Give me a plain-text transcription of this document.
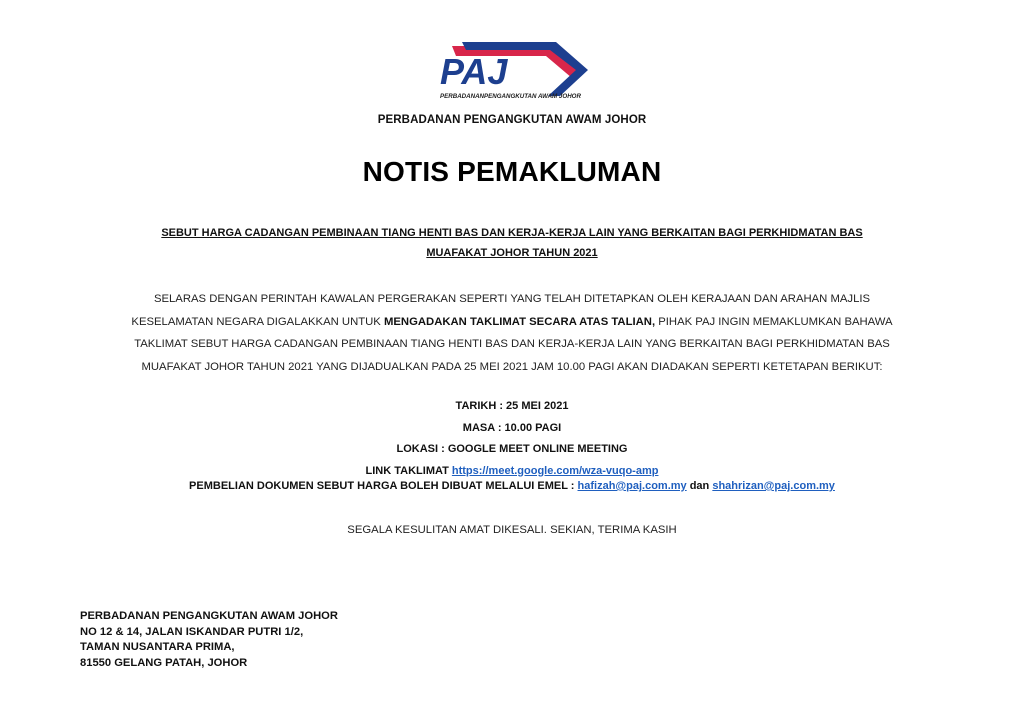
PAJ
PERBADANANPENGANGKUTAN AWAM JOHOR
PERBADANAN PENGANGKUTAN AWAM JOHOR
NOTIS PEMAKLUMAN
SEBUT HARGA CADANGAN PEMBINAAN TIANG HENTI BAS DAN KERJA-KERJA LAIN YANG BERKAITAN BAGI PERKHIDMATAN BAS
MUAFAKAT JOHOR TAHUN 2021
SELARAS DENGAN PERINTAH KAWALAN PERGERAKAN SEPERTI YANG TELAH DITETAPKAN OLEH KERAJAAN DAN ARAHAN MAJLIS
KESELAMATAN NEGARA DIGALAKKAN UNTUK MENGADAKAN TAKLIMAT SECARA ATAS TALIAN, PIHAK PAJ INGIN MEMAKLUMKAN BAHAWA
TAKLIMAT SEBUT HARGA CADANGAN PEMBINAAN TIANG HENTI BAS DAN KERJA-KERJA LAIN YANG BERKAITAN BAGI PERKHIDMATAN BAS
MUAFAKAT JOHOR TAHUN 2021 YANG DIJADUALKAN PADA 25 MEI 2021 JAM 10.00 PAGI AKAN DIADAKAN SEPERTI KETETAPAN BERIKUT:
TARIKH : 25 MEI 2021
MASA : 10.00 PAGI
LOKASI : GOOGLE MEET ONLINE MEETING
LINK TAKLIMAT https://meet.google.com/wza-vuqo-amp
PEMBELIAN DOKUMEN SEBUT HARGA BOLEH DIBUAT MELALUI EMEL : hafizah@paj.com.my dan shahrizan@paj.com.my
SEGALA KESULITAN AMAT DIKESALI. SEKIAN, TERIMA KASIH
PERBADANAN PENGANGKUTAN AWAM JOHOR
NO 12 & 14, JALAN ISKANDAR PUTRI 1/2,
TAMAN NUSANTARA PRIMA,
81550 GELANG PATAH, JOHOR
